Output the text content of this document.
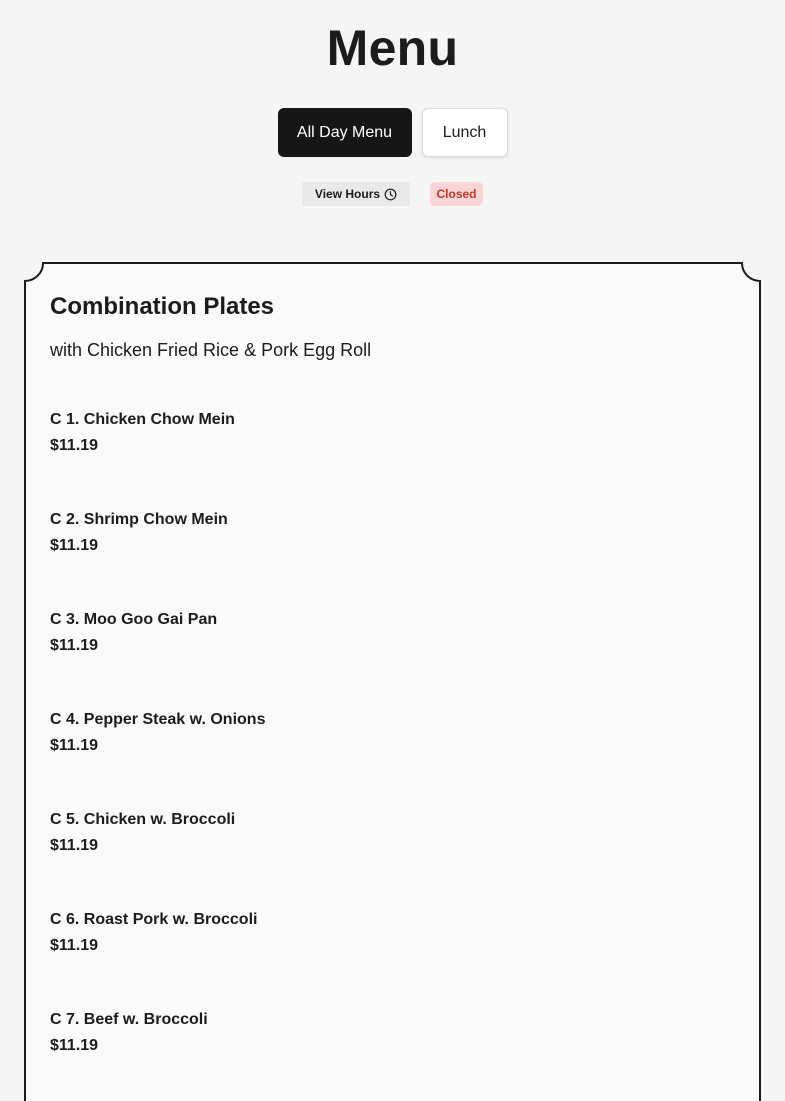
Menu
All Day Menu	Lunch
View Hours	Closed
Combination Plates
with Chicken Fried Rice & Pork Egg Roll
C 1. Chicken Chow Mein
$11.19
C 2. Shrimp Chow Mein
$11.19
C 3. Moo Goo Gai Pan
$11.19
C 4. Pepper Steak w. Onions
$11.19
C 5. Chicken w. Broccoli
$11.19
C 6. Roast Pork w. Broccoli
$11.19
C 7. Beef w. Broccoli
$11.19
